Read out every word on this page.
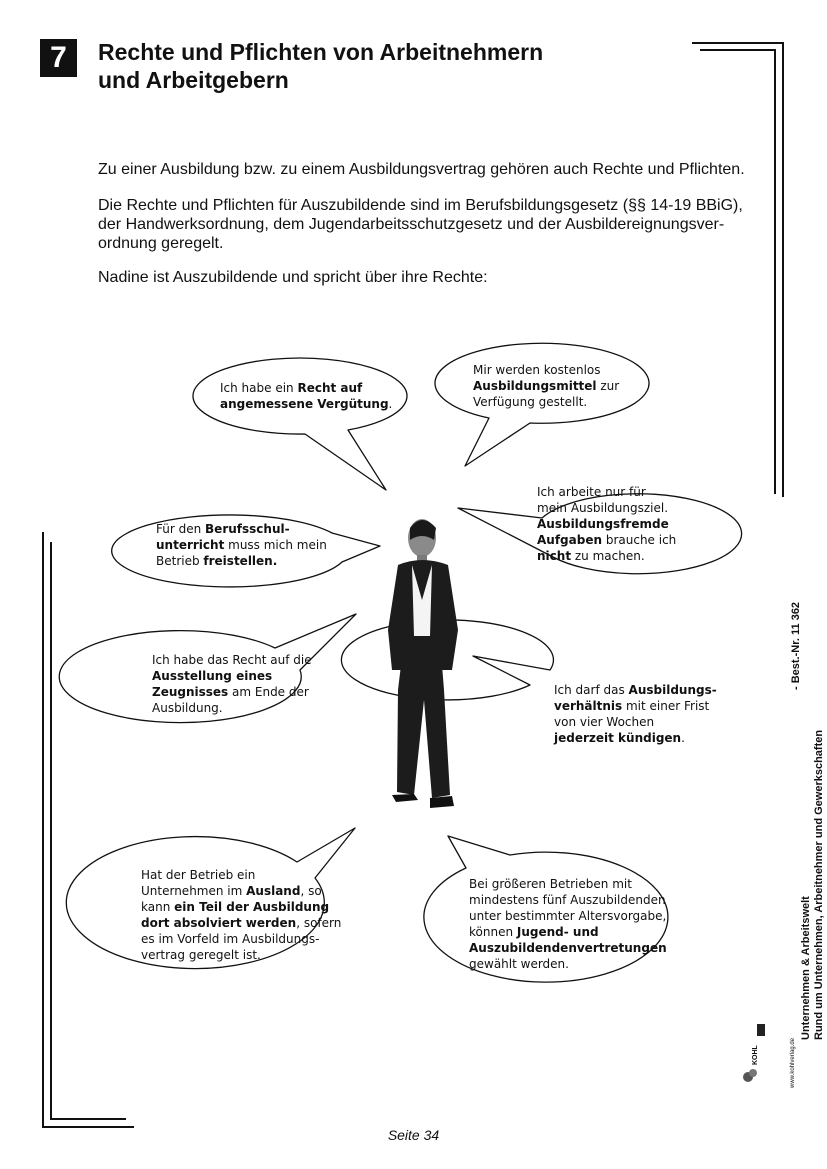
7	Rechte und Pflichten von Arbeitnehmern
und Arbeitgebern

Zu einer Ausbildung bzw. zu einem Ausbildungsvertrag gehören auch Rechte und Pflichten.

Die Rechte und Pflichten für Auszubildende sind im Berufsbildungsgesetz (§§ 14-19 BBiG),
der Handwerksordnung, dem Jugendarbeitsschutzgesetz und der Ausbildereignungsver-
ordnung geregelt.

Nadine ist Auszubildende und spricht über ihre Rechte:

Ich habe ein Recht auf
angemessene Vergütung.
Mir werden kostenlos
Ausbildungsmittel zur
Verfügung gestellt.
Ich arbeite nur für
mein Ausbildungsziel.
Ausbildungsfremde
Aufgaben brauche ich
nicht zu machen.
Für den Berufsschul-
unterricht muss mich mein
Betrieb freistellen.
Ich habe das Recht auf die
Ausstellung eines
Zeugnisses am Ende der
Ausbildung.
Ich darf das Ausbildungs-
verhältnis mit einer Frist
von vier Wochen
jederzeit kündigen.
Hat der Betrieb ein
Unternehmen im Ausland, so
kann ein Teil der Ausbildung
dort absolviert werden, sofern
es im Vorfeld im Ausbildungs-
vertrag geregelt ist.
Bei größeren Betrieben mit
mindestens fünf Auszubildenden
unter bestimmter Altersvorgabe,
können Jugend- und
Auszubildendenvertretungen
gewählt werden.	Unternehmen & Arbeitswelt Rund um Unternehmen, Arbeitnehmer und Gewerkschaften
- Best.-Nr. 11 362
KOHL	www.kohlverlag.de
Seite 34
